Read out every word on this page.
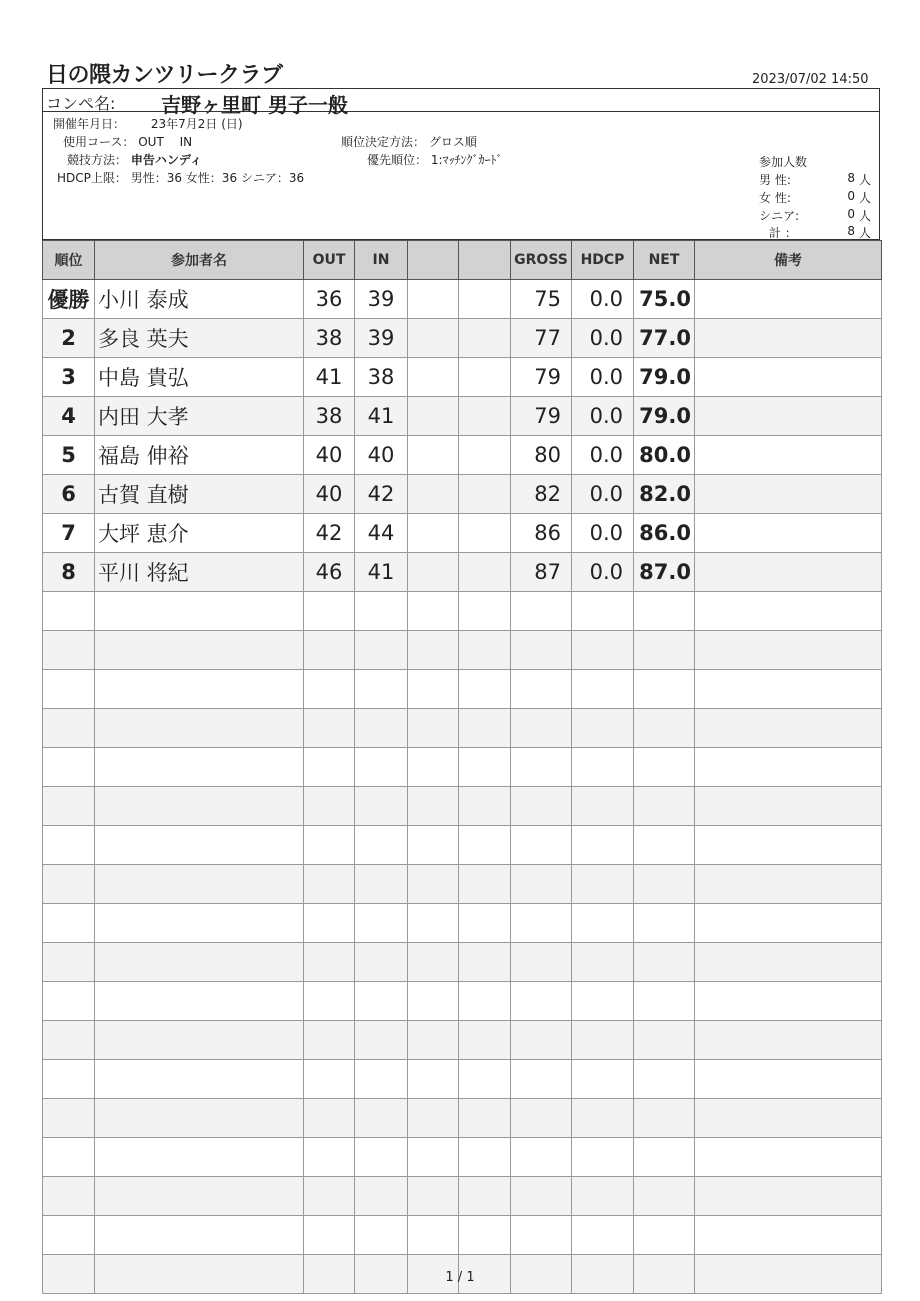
日の隈カンツリークラブ	2023/07/02 14:50
コンペ名: 吉野ヶ里町 男子一般
開催年月日： 23年7月2日 (日)
使用コース： OUT　 IN
競技方法： 申告ハンディ
HDCP上限： 男性：36 女性：36 シニア：36
順位決定方法： グロス順
優先順位： 1:ﾏｯﾁﾝｸﾞｶｰﾄﾞ	参加人数
男 性:	8 人
女 性:	0 人
シニア:	0 人
計 ：	8 人
順位	参加者名	OUT	IN			GROSS	HDCP	NET	備考
優勝	小川 泰成	36	39			75	0.0	75.0	
2	多良 英夫	38	39			77	0.0	77.0	
3	中島 貴弘	41	38			79	0.0	79.0	
4	内田 大孝	38	41			79	0.0	79.0	
5	福島 伸裕	40	40			80	0.0	80.0	
6	古賀 直樹	40	42			82	0.0	82.0	
7	大坪 恵介	42	44			86	0.0	86.0	
8	平川 将紀	46	41			87	0.0	87.0	

1 / 1
